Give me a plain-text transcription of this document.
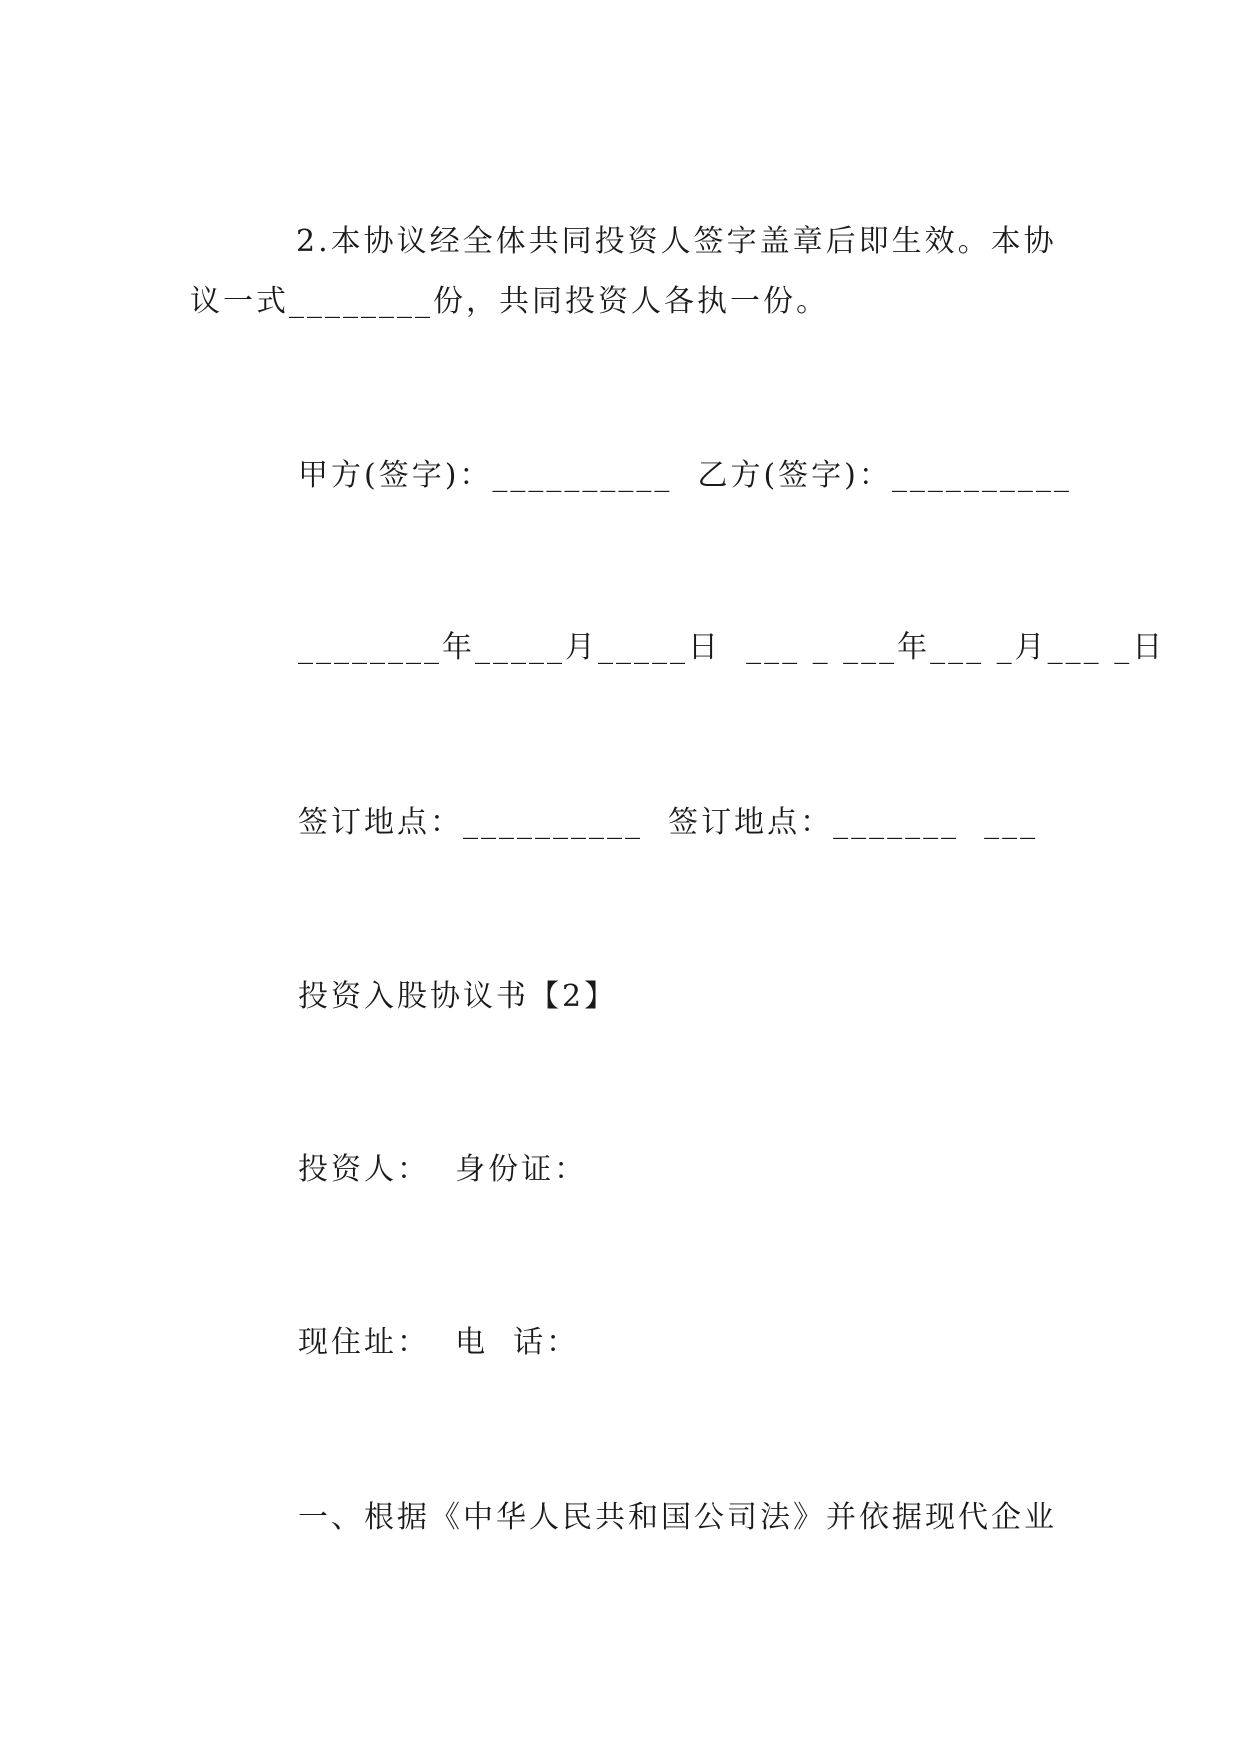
2.本协议经全体共同投资人签字盖章后即生效。本协
议一式________份，共同投资人各执一份。
甲方(签字)：__________  乙方(签字)：__________
________年_____月_____日  ___ _ ___年___ _月___ _日
签订地点：__________  签订地点：_______  ___
投资入股协议书【2】
投资人：  身份证：
现住址：  电  话：
一、根据《中华人民共和国公司法》并依据现代企业
